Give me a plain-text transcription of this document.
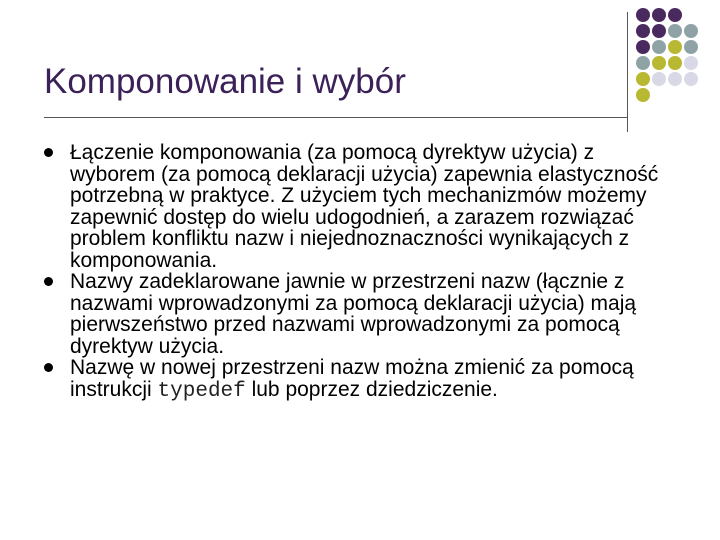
Komponowanie i wybór
Łączenie komponowania (za pomocą dyrektyw użycia) z wyborem (za pomocą deklaracji użycia) zapewnia elastyczność potrzebną w praktyce. Z użyciem tych mechanizmów możemy zapewnić dostęp do wielu udogodnień, a zarazem rozwiązać problem konfliktu nazw i niejednoznaczności wynikających z komponowania.
Nazwy zadeklarowane jawnie w przestrzeni nazw (łącznie z nazwami wprowadzonymi za pomocą deklaracji użycia) mają pierwszeństwo przed nazwami wprowadzonymi za pomocą dyrektyw użycia.
Nazwę w nowej przestrzeni nazw można zmienić za pomocą instrukcji typedef lub poprzez dziedziczenie.
